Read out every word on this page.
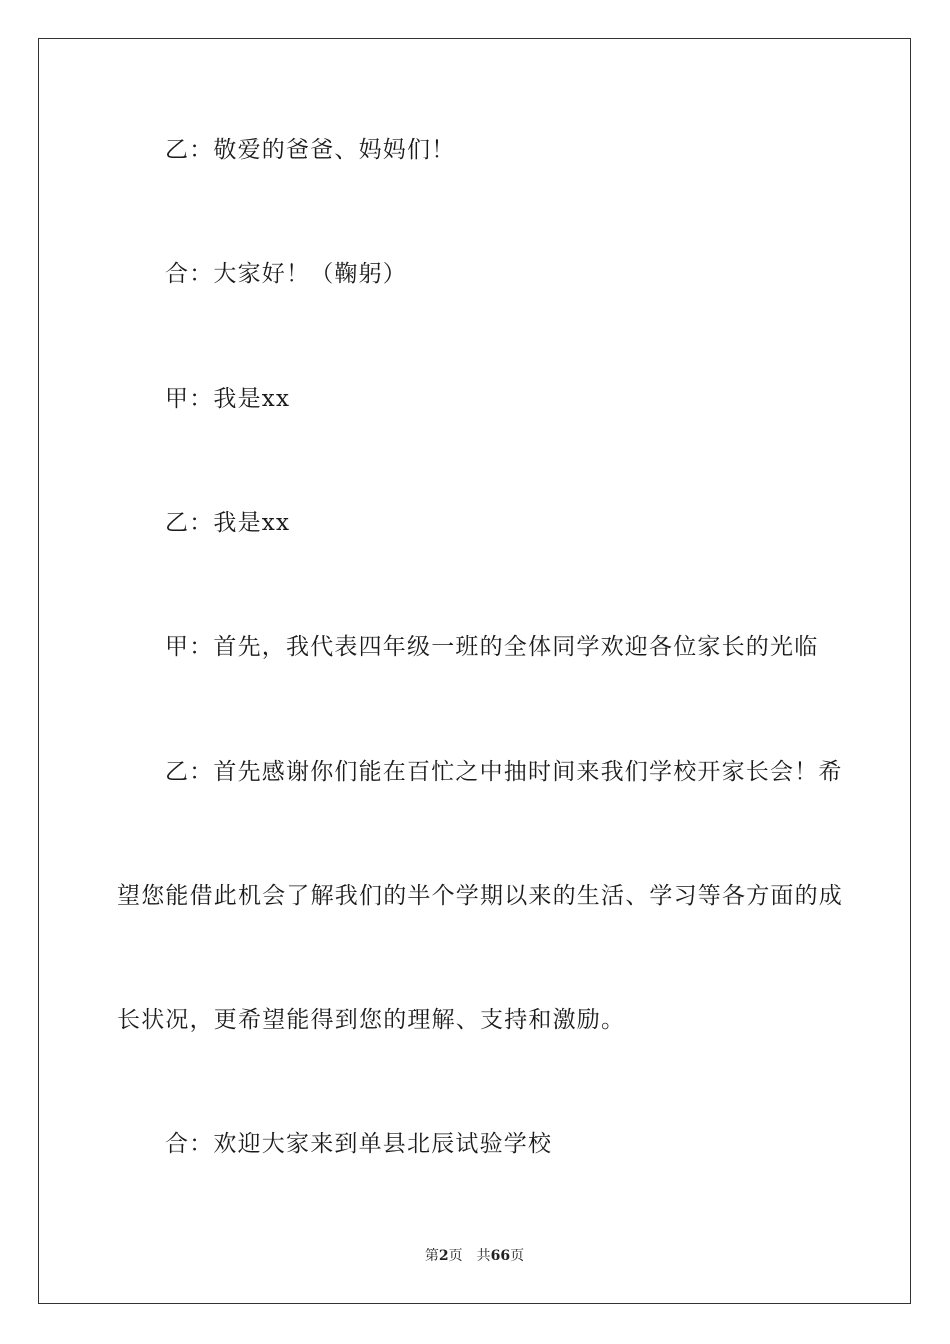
乙：敬爱的爸爸、妈妈们！
合：大家好！（鞠躬）
甲：我是xx
乙：我是xx
甲：首先，我代表四年级一班的全体同学欢迎各位家长的光临
乙：首先感谢你们能在百忙之中抽时间来我们学校开家长会！希
望您能借此机会了解我们的半个学期以来的生活、学习等各方面的成
长状况，更希望能得到您的理解、支持和激励。
合：欢迎大家来到单县北辰试验学校
第2页 共66页
